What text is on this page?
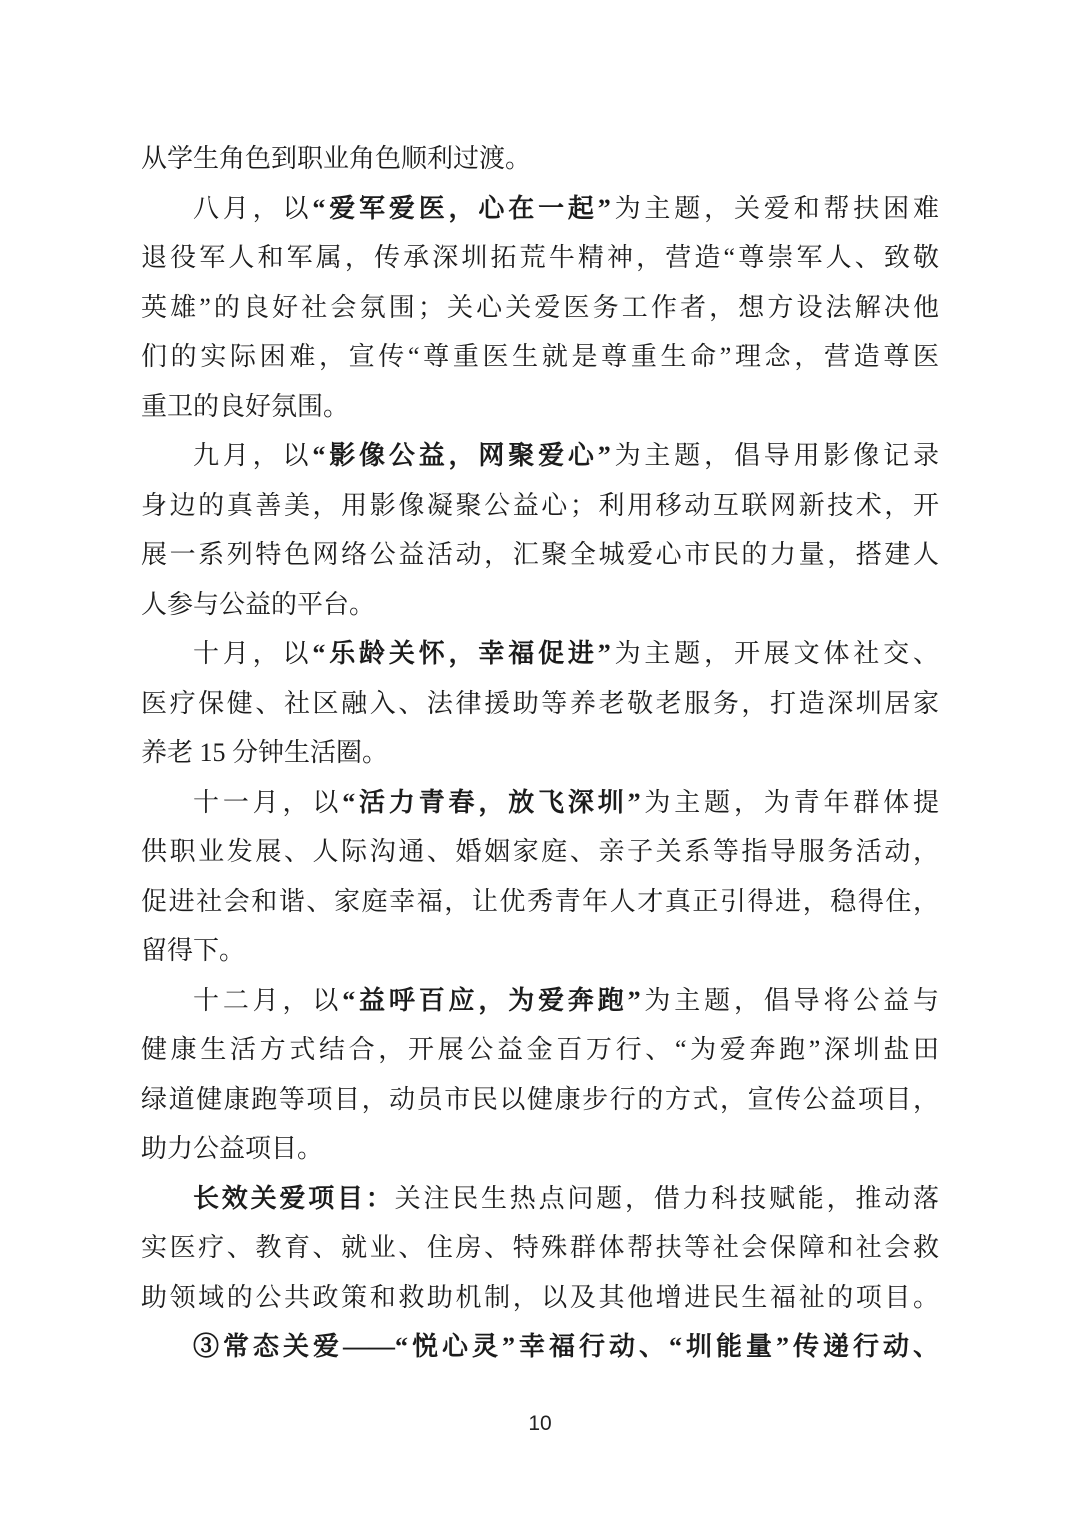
从学生角色到职业角色顺利过渡。
八月，以“爱军爱医，心在一起”为主题，关爱和帮扶困难
退役军人和军属，传承深圳拓荒牛精神，营造“尊崇军人、致敬
英雄”的良好社会氛围；关心关爱医务工作者，想方设法解决他
们的实际困难，宣传“尊重医生就是尊重生命”理念，营造尊医
重卫的良好氛围。
九月，以“影像公益，网聚爱心”为主题，倡导用影像记录
身边的真善美，用影像凝聚公益心；利用移动互联网新技术，开
展一系列特色网络公益活动，汇聚全城爱心市民的力量，搭建人
人参与公益的平台。
十月，以“乐龄关怀，幸福促进”为主题，开展文体社交、
医疗保健、社区融入、法律援助等养老敬老服务，打造深圳居家
养老 15 分钟生活圈。
十一月，以“活力青春，放飞深圳”为主题，为青年群体提
供职业发展、人际沟通、婚姻家庭、亲子关系等指导服务活动，
促进社会和谐、家庭幸福，让优秀青年人才真正引得进，稳得住，
留得下。
十二月，以“益呼百应，为爱奔跑”为主题，倡导将公益与
健康生活方式结合，开展公益金百万行、“为爱奔跑”深圳盐田
绿道健康跑等项目，动员市民以健康步行的方式，宣传公益项目，
助力公益项目。
长效关爱项目：关注民生热点问题，借力科技赋能，推动落
实医疗、教育、就业、住房、特殊群体帮扶等社会保障和社会救
助领域的公共政策和救助机制，以及其他增进民生福祉的项目。
③常态关爱——“悦心灵”幸福行动、“圳能量”传递行动、
10
